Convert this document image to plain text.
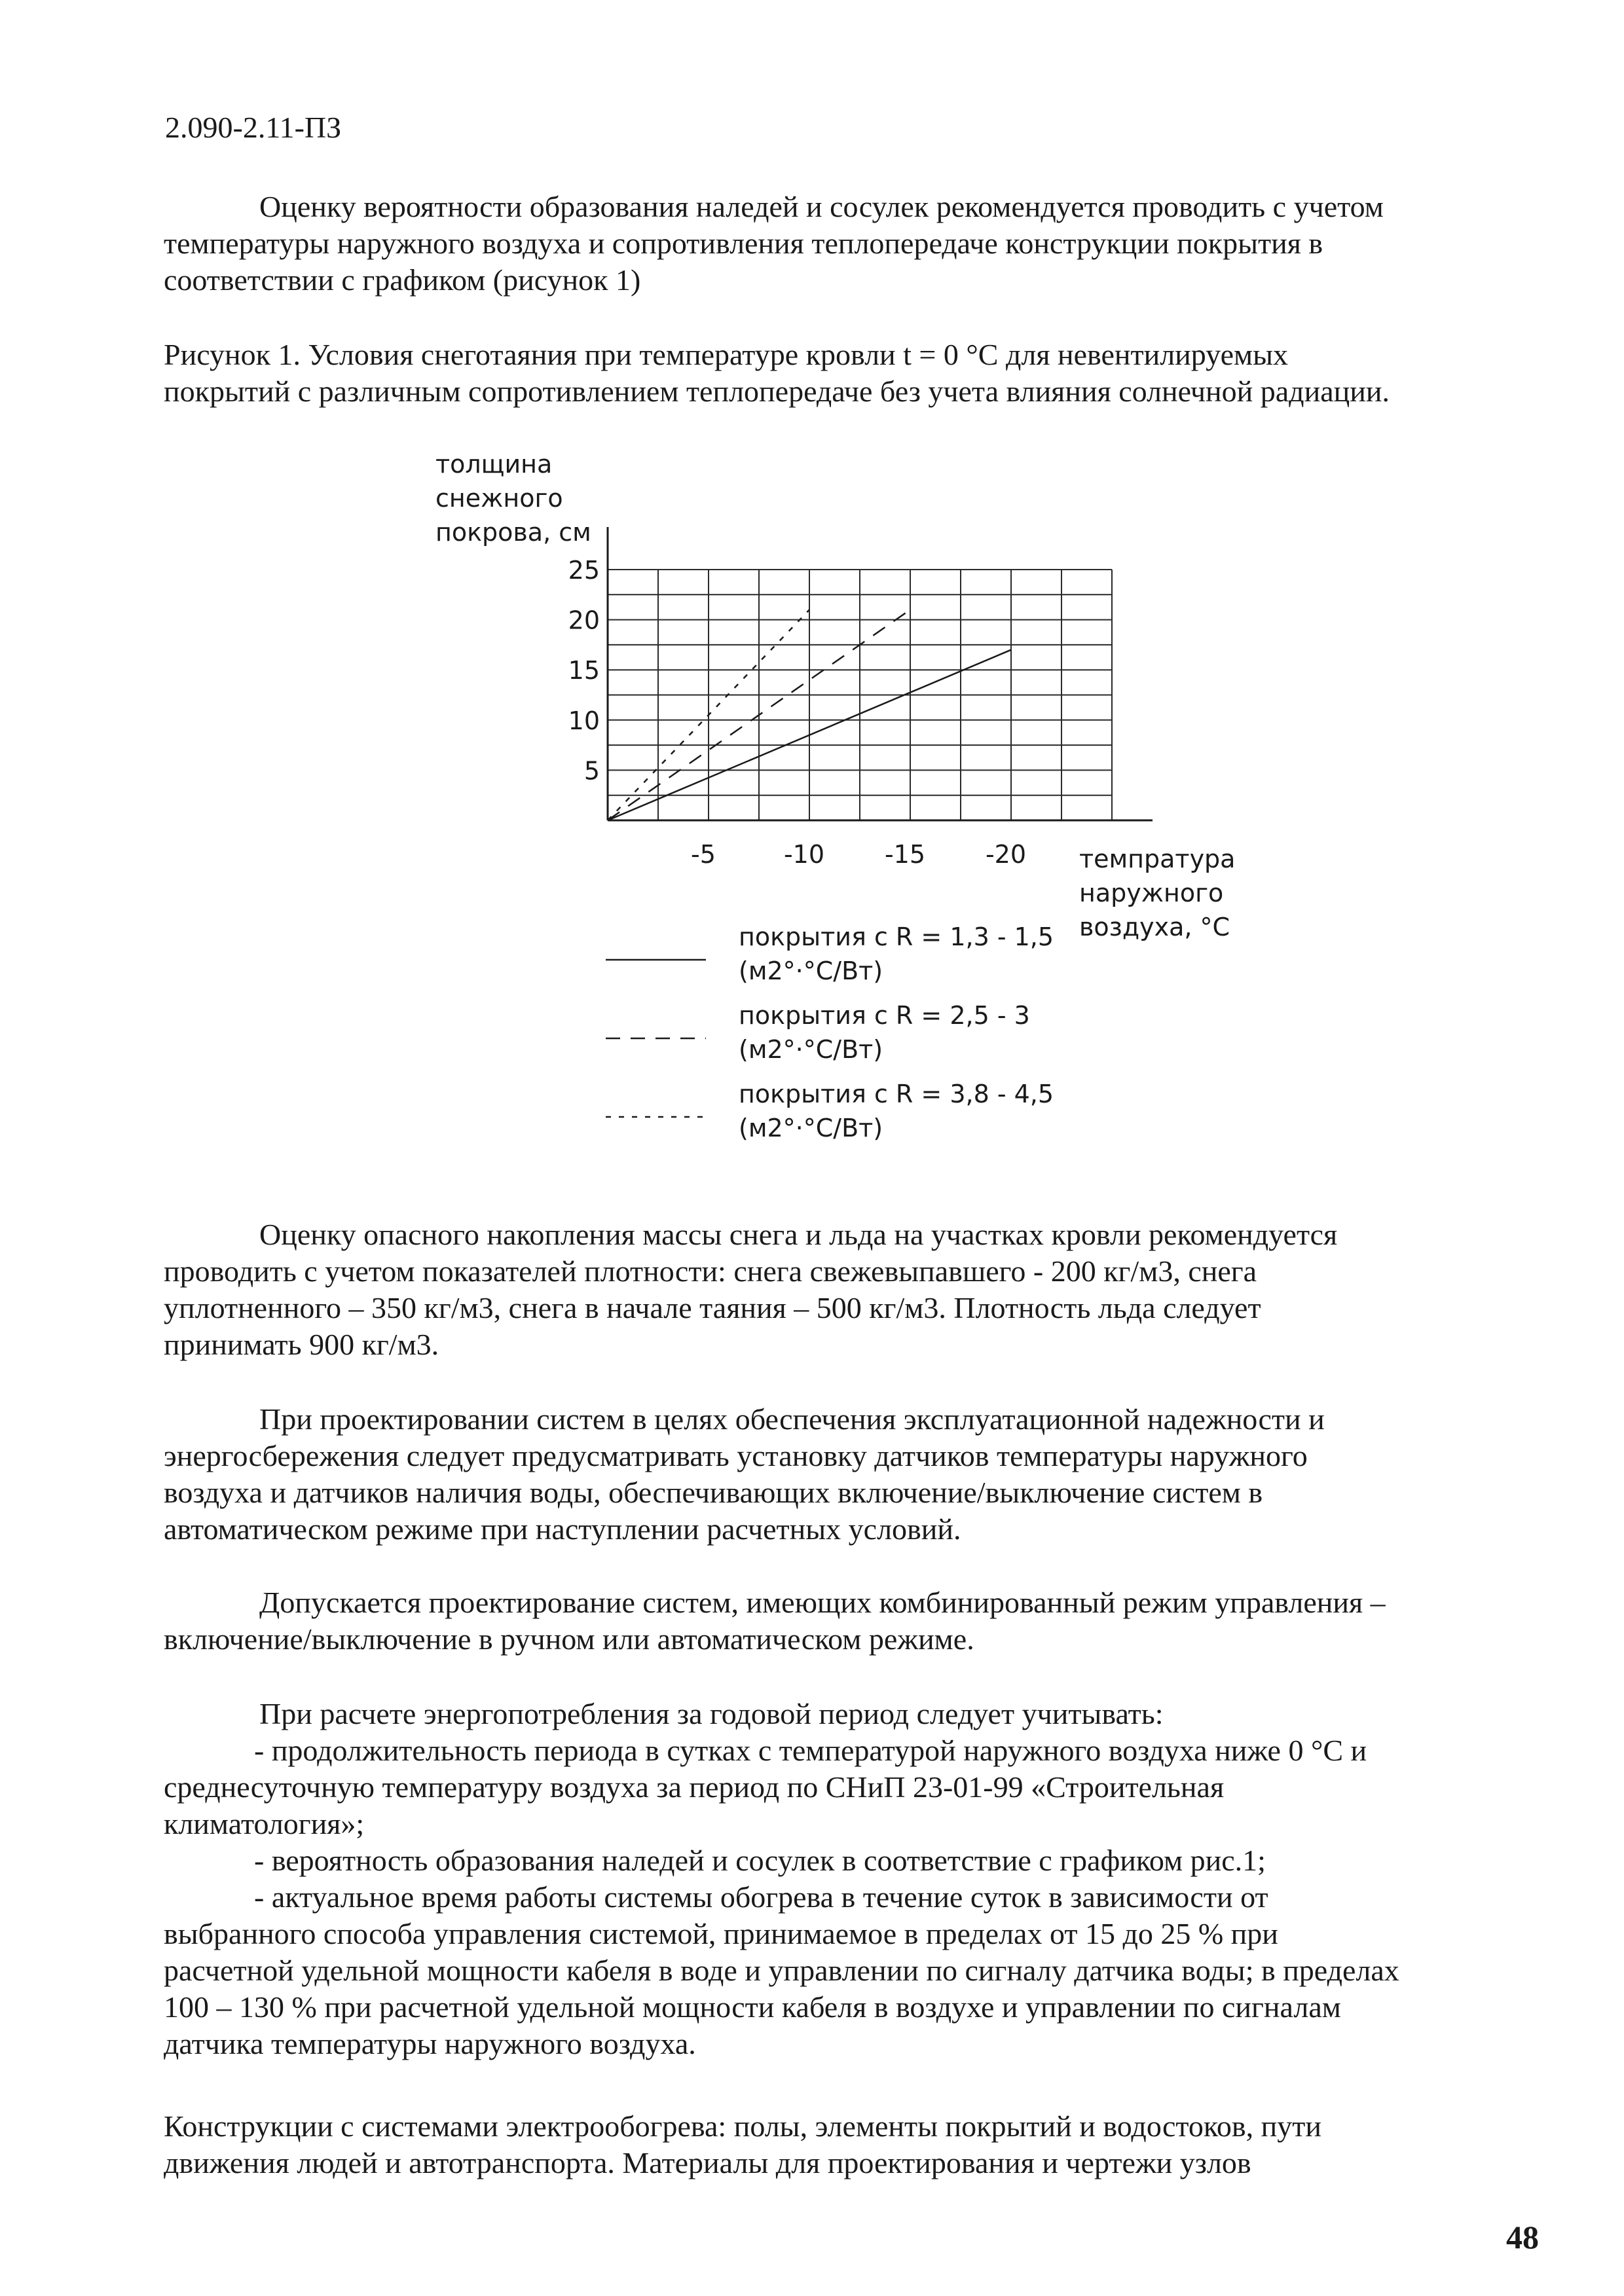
2.090-2.11-ПЗ
Оценку вероятности образования наледей и сосулек рекомендуется проводить с учетом
температуры наружного воздуха и сопротивления теплопередаче конструкции покрытия в
соответствии с графиком (рисунок 1)
Рисунок 1. Условия снеготаяния при температуре кровли t = 0 °С для невентилируемых
покрытий с различным сопротивлением теплопередаче без учета влияния солнечной радиации.
5
10
15
20
25
-5	-10 -15 -20
толщина
снежного
покрова, см
темпратура
наружного
воздуха, °С
покрытия с R = 1,3 - 1,5
(м2°·°С/Вт)
покрытия с R = 2,5 - 3
(м2°·°С/Вт)
покрытия с R = 3,8 - 4,5
(м2°·°С/Вт)
Оценку опасного накопления массы снега и льда на участках кровли рекомендуется
проводить с учетом показателей плотности: снега свежевыпавшего - 200 кг/м3, снега
уплотненного – 350 кг/м3, снега в начале таяния – 500 кг/м3. Плотность льда следует
принимать 900 кг/м3.
При проектировании систем в целях обеспечения эксплуатационной надежности и
энергосбережения следует предусматривать установку датчиков температуры наружного
воздуха и датчиков наличия воды, обеспечивающих включение/выключение систем в
автоматическом режиме при наступлении расчетных условий.
Допускается проектирование систем, имеющих комбинированный режим управления –
включение/выключение в ручном или автоматическом режиме.
При расчете энергопотребления за годовой период следует учитывать:
- продолжительность периода в сутках с температурой наружного воздуха ниже 0 °С и
среднесуточную температуру воздуха за период по СНиП 23-01-99 «Строительная
климатология»;
- вероятность образования наледей и сосулек в соответствие с графиком рис.1;
- актуальное время работы системы обогрева в течение суток в зависимости от
выбранного способа управления системой, принимаемое в пределах от 15 до 25 % при
расчетной удельной мощности кабеля в воде и управлении по сигналу датчика воды; в пределах
100 – 130 % при расчетной удельной мощности кабеля в воздухе и управлении по сигналам
датчика температуры наружного воздуха.
Конструкции с системами электрообогрева: полы, элементы покрытий и водостоков, пути
движения людей и автотранспорта. Материалы для проектирования и чертежи узлов
48
